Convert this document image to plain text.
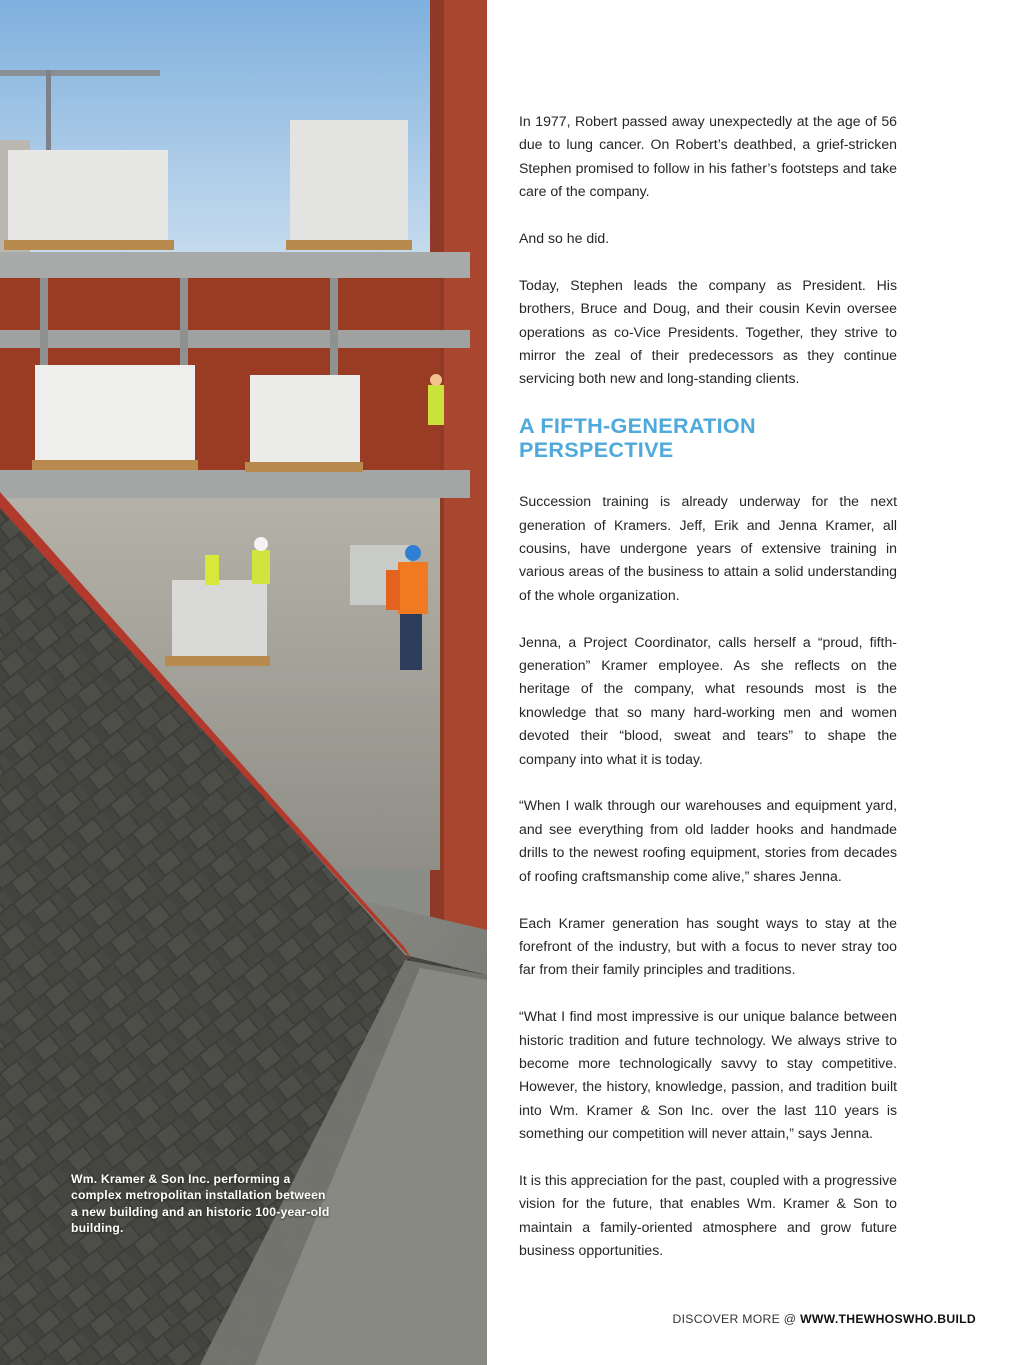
Wm. Kramer & Son Inc. performing a complex metropolitan installation between a new building and an historic 100-year-old building.

In 1977, Robert passed away unexpectedly at the age of 56 due to lung cancer. On Robert’s deathbed, a grief-stricken Stephen promised to follow in his father’s footsteps and take care of the company.

And so he did.

Today, Stephen leads the company as President. His brothers, Bruce and Doug, and their cousin Kevin oversee operations as co-Vice Presidents. Together, they strive to mirror the zeal of their predecessors as they continue servicing both new and long-standing clients.

A FIFTH-GENERATION PERSPECTIVE

Succession training is already underway for the next generation of Kramers. Jeff, Erik and Jenna Kramer, all cousins, have undergone years of extensive training in various areas of the business to attain a solid understanding of the whole organization.

Jenna, a Project Coordinator, calls herself a “proud, fifth-generation” Kramer employee. As she reflects on the heritage of the company, what resounds most is the knowledge that so many hard-working men and women devoted their “blood, sweat and tears” to shape the company into what it is today.

“When I walk through our warehouses and equipment yard, and see everything from old ladder hooks and handmade drills to the newest roofing equipment, stories from decades of roofing craftsmanship come alive,” shares Jenna.

Each Kramer generation has sought ways to stay at the forefront of the industry, but with a focus to never stray too far from their family principles and traditions.

“What I find most impressive is our unique balance between historic tradition and future technology. We always strive to become more technologically savvy to stay competitive. However, the history, knowledge, passion, and tradition built into Wm. Kramer & Son Inc. over the last 110 years is something our competition will never attain,” says Jenna.

It is this appreciation for the past, coupled with a progressive vision for the future, that enables Wm. Kramer & Son to maintain a family-oriented atmosphere and grow future business opportunities.

DISCOVER MORE @ WWW.THEWHOSWHO.BUILD
